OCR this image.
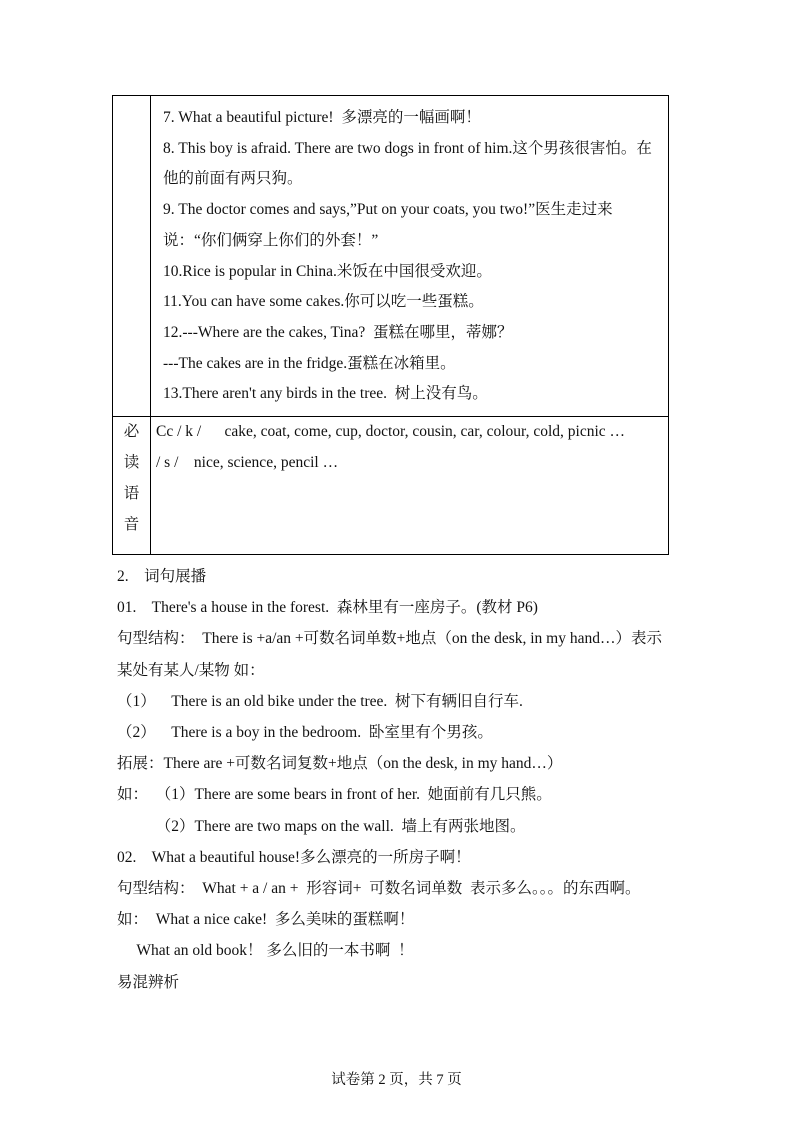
7. What a beautiful picture!  多漂亮的一幅画啊！

8. This boy is afraid. There are two dogs in front of him.这个男孩很害怕。在他的前面有两只狗。

9. The doctor comes and says,”Put on your coats, you two!”医生走过来说：“你们俩穿上你们的外套！”

10.Rice is popular in China.米饭在中国很受欢迎。

11.You can have some cakes.你可以吃一些蛋糕。

12.---Where are the cakes, Tina?  蛋糕在哪里，蒂娜？

---The cakes are in the fridge.蛋糕在冰箱里。

13.There aren't any birds in the tree.  树上没有鸟。

必
读
语
音

Cc / k /      cake, coat, come, cup, doctor, cousin, car, colour, cold, picnic …

/ s /    nice, science, pencil …

2.    词句展播

01.    There's a house in the forest.  森林里有一座房子。(教材 P6)

句型结构：  There is +a/an +可数名词单数+地点（on the desk, in my hand…）表示某处有某人/某物 如：

（1）    There is an old bike under the tree.  树下有辆旧自行车.

（2）    There is a boy in the bedroom.  卧室里有个男孩。

拓展：There are +可数名词复数+地点（on the desk, in my hand…）

如：  （1）There are some bears in front of her.  她面前有几只熊。

　　　（2）There are two maps on the wall.  墙上有两张地图。

02.    What a beautiful house!多么漂亮的一所房子啊！

句型结构：  What + a / an +  形容词+  可数名词单数  表示多么。。。的东西啊。

如：  What a nice cake!  多么美味的蛋糕啊！

What an old book！ 多么旧的一本书啊  ！

易混辨析

试卷第 2 页，共 7 页
